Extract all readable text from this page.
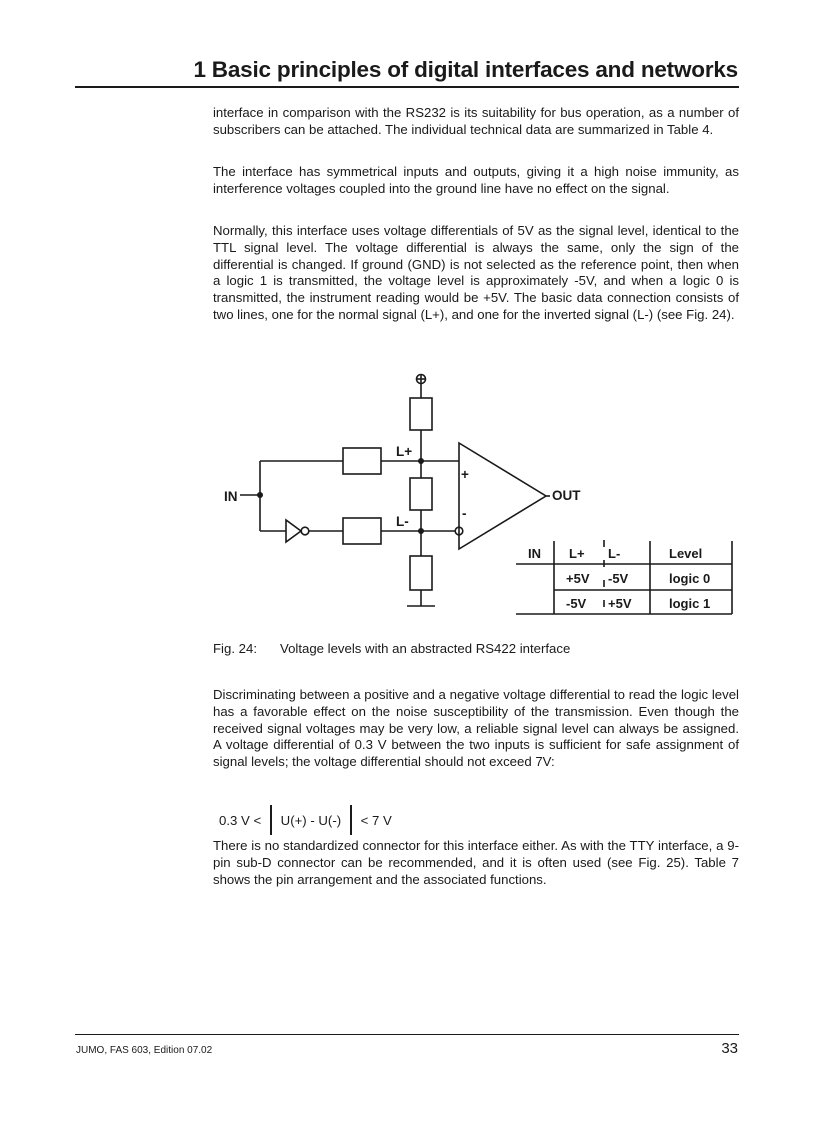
1 Basic principles of digital interfaces and networks

interface in comparison with the RS232 is its suitability for bus operation, as a number of subscribers can be attached. The individual technical data are summarized in Table 4.

The interface has symmetrical inputs and outputs, giving it a high noise immunity, as interference voltages coupled into the ground line have no effect on the signal.

Normally, this interface uses voltage differentials of 5V as the signal level, identical to the TTL signal level. The voltage differential is always the same, only the sign of the differential is changed. If ground (GND) is not selected as the reference point, then when a logic 1 is transmitted, the voltage level is approximately -5V, and when a logic 0 is transmitted, the instrument reading would be +5V. The basic data connection consists of two lines, one for the normal signal (L+), and one for the inverted signal (L-) (see Fig. 24).

IN	OUT
L+
L-
+
-
IN L+ L-	Level
+5V -5V	logic 0
-5V +5V	logic 1
Fig. 24: Voltage levels with an abstracted RS422 interface

Discriminating between a positive and a negative voltage differential to read the logic level has a favorable effect on the noise susceptibility of the transmission. Even though the received signal voltages may be very low, a reliable signal level can always be assigned. A voltage differential of 0.3 V between the two inputs is sufficient for safe assignment of signal levels; the voltage differential should not exceed 7V:

0.3 V < U(+) - U(-) < 7 V

There is no standardized connector for this interface either. As with the TTY interface, a 9-pin sub-D connector can be recommended, and it is often used (see Fig. 25). Table 7 shows the pin arrangement and the associated functions.

JUMO, FAS 603, Edition 07.02	33
